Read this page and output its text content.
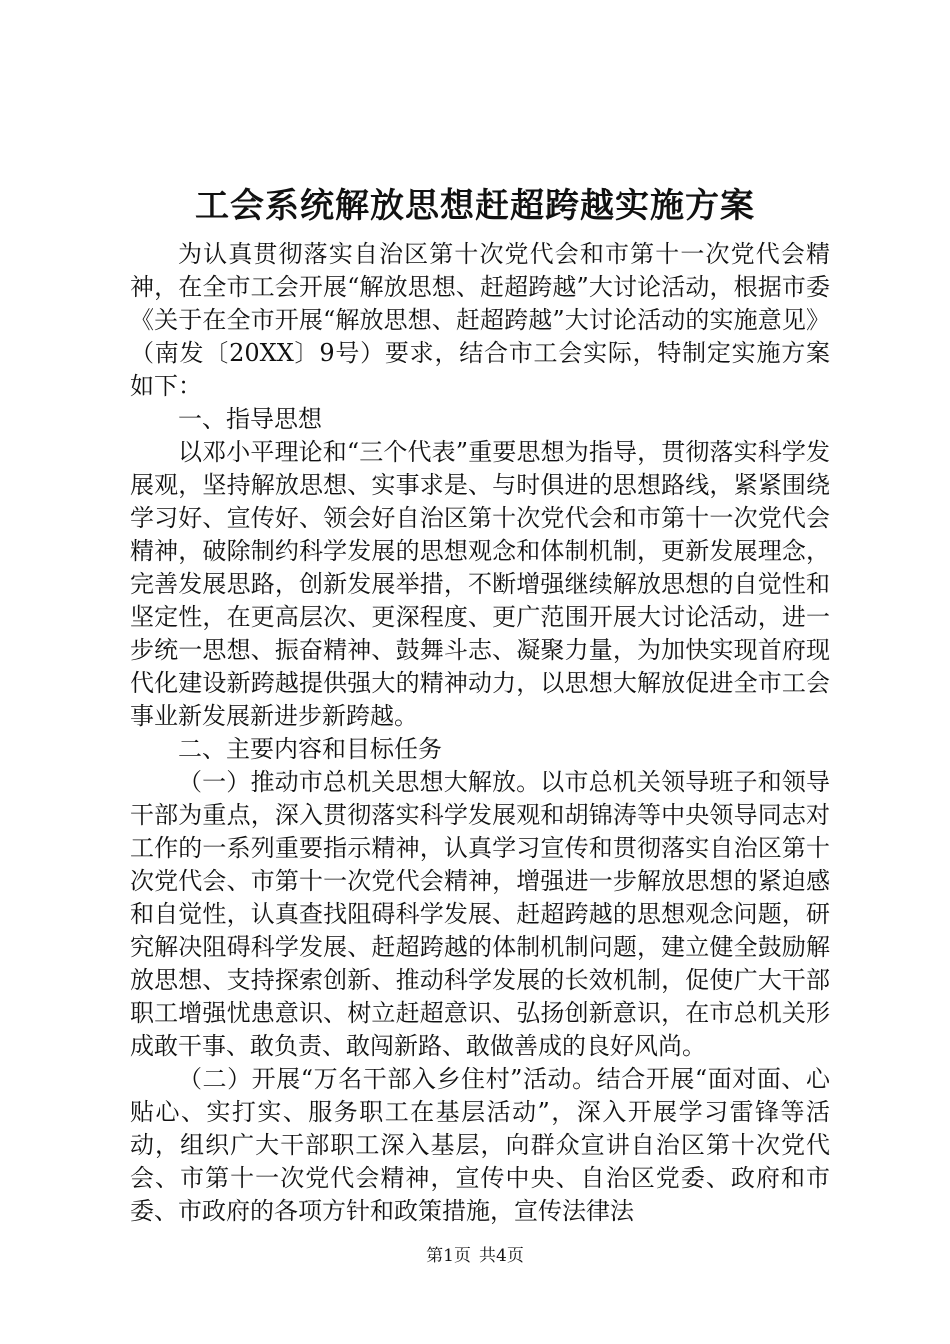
工会系统解放思想赶超跨越实施方案

为认真贯彻落实自治区第十次党代会和市第十一次党代会精神，在全市工会开展“解放思想、赶超跨越”大讨论活动，根据市委《关于在全市开展“解放思想、赶超跨越”大讨论活动的实施意见》（南发〔20XX〕9号）要求，结合市工会实际，特制定实施方案如下：

一、指导思想

以邓小平理论和“三个代表”重要思想为指导，贯彻落实科学发展观，坚持解放思想、实事求是、与时俱进的思想路线，紧紧围绕学习好、宣传好、领会好自治区第十次党代会和市第十一次党代会精神，破除制约科学发展的思想观念和体制机制，更新发展理念，完善发展思路，创新发展举措，不断增强继续解放思想的自觉性和坚定性，在更高层次、更深程度、更广范围开展大讨论活动，进一步统一思想、振奋精神、鼓舞斗志、凝聚力量，为加快实现首府现代化建设新跨越提供强大的精神动力，以思想大解放促进全市工会事业新发展新进步新跨越。

二、主要内容和目标任务

（一）推动市总机关思想大解放。以市总机关领导班子和领导干部为重点，深入贯彻落实科学发展观和胡锦涛等中央领导同志对工作的一系列重要指示精神，认真学习宣传和贯彻落实自治区第十次党代会、市第十一次党代会精神，增强进一步解放思想的紧迫感和自觉性，认真查找阻碍科学发展、赶超跨越的思想观念问题，研究解决阻碍科学发展、赶超跨越的体制机制问题，建立健全鼓励解放思想、支持探索创新、推动科学发展的长效机制，促使广大干部职工增强忧患意识、树立赶超意识、弘扬创新意识，在市总机关形成敢干事、敢负责、敢闯新路、敢做善成的良好风尚。

（二）开展“万名干部入乡住村”活动。结合开展“面对面、心贴心、实打实、服务职工在基层活动”，深入开展学习雷锋等活动，组织广大干部职工深入基层，向群众宣讲自治区第十次党代会、市第十一次党代会精神，宣传中央、自治区党委、政府和市委、市政府的各项方针和政策措施，宣传法律法

第1页 共4页
